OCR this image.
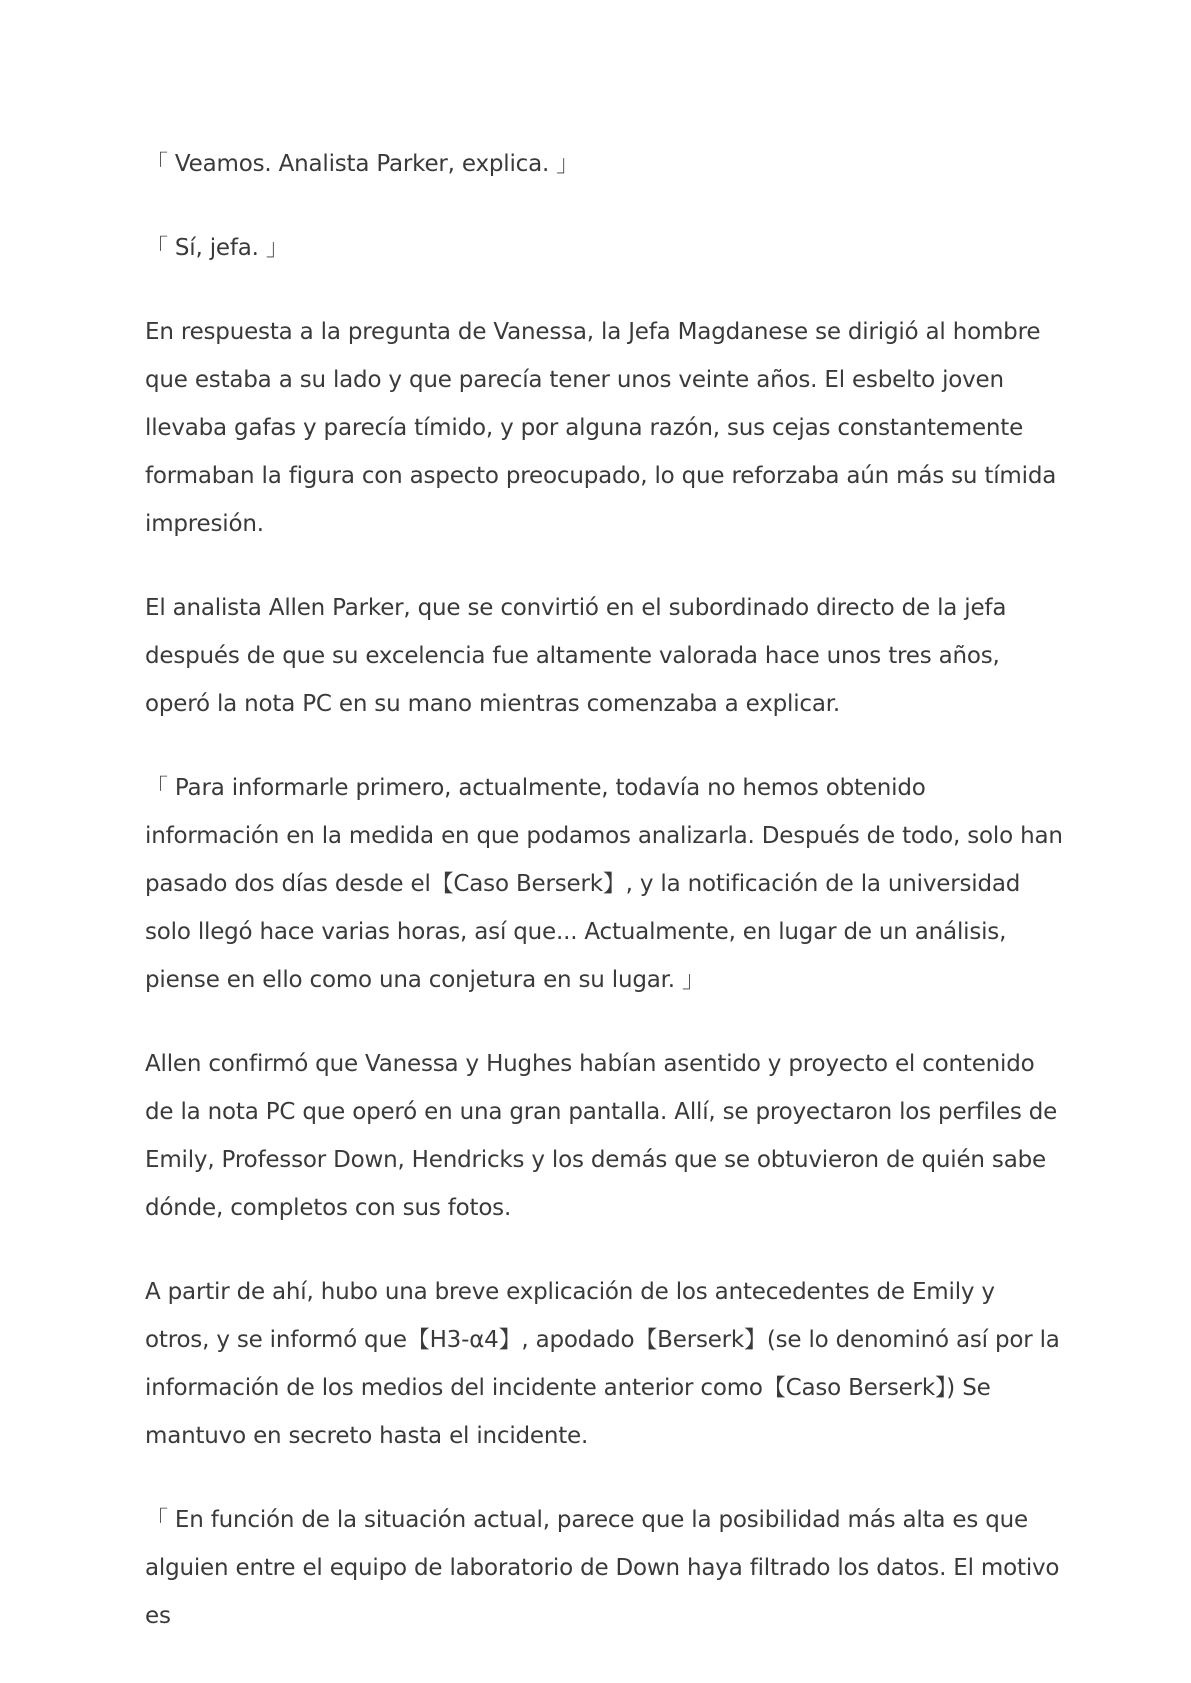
「 Veamos. Analista Parker, explica. 」

「 Sí, jefa. 」

En respuesta a la pregunta de Vanessa, la Jefa Magdanese se dirigió al hombre que estaba a su lado y que parecía tener unos veinte años. El esbelto joven llevaba gafas y parecía tímido, y por alguna razón, sus cejas constantemente formaban la figura con aspecto preocupado, lo que reforzaba aún más su tímida impresión.

El analista Allen Parker, que se convirtió en el subordinado directo de la jefa después de que su excelencia fue altamente valorada hace unos tres años, operó la nota PC en su mano mientras comenzaba a explicar.

「 Para informarle primero, actualmente, todavía no hemos obtenido información en la medida en que podamos analizarla. Después de todo, solo han pasado dos días desde el【Caso Berserk】, y la notificación de la universidad solo llegó hace varias horas, así que... Actualmente, en lugar de un análisis, piense en ello como una conjetura en su lugar. 」

Allen confirmó que Vanessa y Hughes habían asentido y proyecto el contenido de la nota PC que operó en una gran pantalla. Allí, se proyectaron los perfiles de Emily, Professor Down, Hendricks y los demás que se obtuvieron de quién sabe dónde, completos con sus fotos.

A partir de ahí, hubo una breve explicación de los antecedentes de Emily y otros, y se informó que【H3-α4】, apodado【Berserk】(se lo denominó así por la información de los medios del incidente anterior como【Caso Berserk】) Se mantuvo en secreto hasta el incidente.

「 En función de la situación actual, parece que la posibilidad más alta es que alguien entre el equipo de laboratorio de Down haya filtrado los datos. El motivo es
